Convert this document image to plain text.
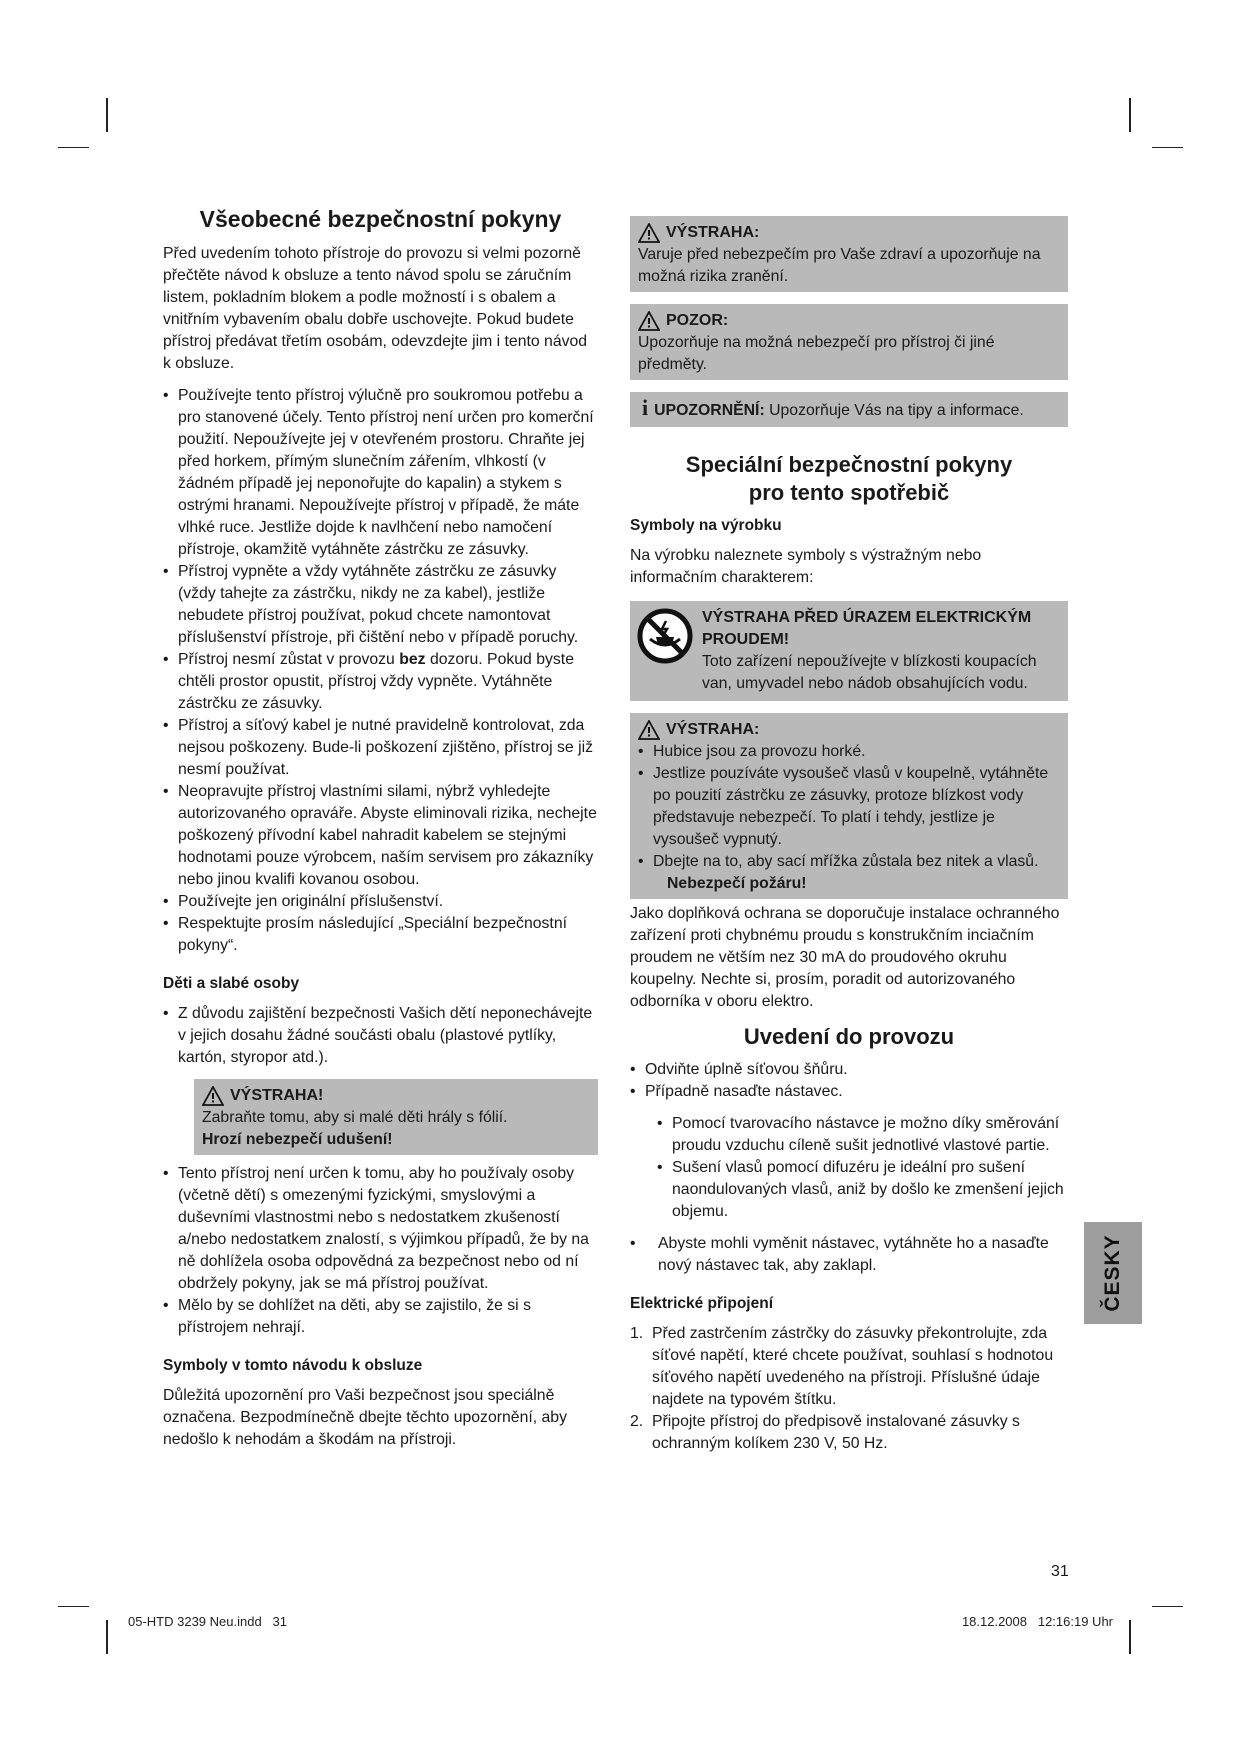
Všeobecné bezpečnostní pokyny

Před uvedením tohoto přístroje do provozu si velmi pozorně přečtěte návod k obsluze a tento návod spolu se záručním listem, pokladním blokem a podle možností i s obalem a vnitřním vybavením obalu dobře uschovejte. Pokud budete přístroj předávat třetím osobám, odevzdejte jim i tento návod k obsluze.

• Používejte tento přístroj výlučně pro soukromou potřebu a pro stanovené účely. Tento přístroj není určen pro komerční použití. Nepoužívejte jej v otevřeném prostoru. Chraňte jej před horkem, přímým slunečním zářením, vlhkostí (v žádném případě jej neponořujte do kapalin) a stykem s ostrými hranami. Nepoužívejte přístroj v případě, že máte vlhké ruce. Jestliže dojde k navlhčení nebo namočení přístroje, okamžitě vytáhněte zástrčku ze zásuvky.
• Přístroj vypněte a vždy vytáhněte zástrčku ze zásuvky (vždy tahejte za zástrčku, nikdy ne za kabel), jestliže nebudete přístroj používat, pokud chcete namontovat příslušenství přístroje, při čištění nebo v případě poruchy.
• Přístroj nesmí zůstat v provozu bez dozoru. Pokud byste chtěli prostor opustit, přístroj vždy vypněte. Vytáhněte zástrčku ze zásuvky.
• Přístroj a síťový kabel je nutné pravidelně kontrolovat, zda nejsou poškozeny. Bude-li poškození zjištěno, přístroj se již nesmí používat.
• Neopravujte přístroj vlastními silami, nýbrž vyhledejte autorizovaného opraváře. Abyste eliminovali rizika, nechejte poškozený přívodní kabel nahradit kabelem se stejnými hodnotami pouze výrobcem, naším servisem pro zákazníky nebo jinou kvalifi kovanou osobou.
• Používejte jen originální příslušenství.
• Respektujte prosím následující „Speciální bezpečnostní pokyny“.
Děti a slabé osoby
• Z důvodu zajištění bezpečnosti Vašich dětí neponechávejte v jejich dosahu žádné součásti obalu (plastové pytlíky, kartón, styropor atd.).
VÝSTRAHA!

Zabraňte tomu, aby si malé děti hrály s fólií.

Hrozí nebezpečí udušení!

• Tento přístroj není určen k tomu, aby ho používaly osoby (včetně dětí) s omezenými fyzickými, smyslovými a duševními vlastnostmi nebo s nedostatkem zkušeností a/nebo nedostatkem znalostí, s výjimkou případů, že by na ně dohlížela osoba odpovědná za bezpečnost nebo od ní obdržely pokyny, jak se má přístroj používat.
• Mělo by se dohlížet na děti, aby se zajistilo, že si s přístrojem nehrají.
Symboly v tomto návodu k obsluze

Důležitá upozornění pro Vaši bezpečnost jsou speciálně označena. Bezpodmínečně dbejte těchto upozornění, aby nedošlo k nehodám a škodám na přístroji.

VÝSTRAHA:

Varuje před nebezpečím pro Vaše zdraví a upozorňuje na možná rizika zranění.

POZOR:

Upozorňuje na možná nebezpečí pro přístroj či jiné předměty.

i UPOZORNĚNÍ: Upozorňuje Vás na tipy a informace.

Speciální bezpečnostní pokyny
pro tento spotřebič
Symboly na výrobku

Na výrobku naleznete symboly s výstražným nebo informačním charakterem:

VÝSTRAHA PŘED ÚRAZEM ELEKTRICKÝM PROUDEM!

Toto zařízení nepoužívejte v blízkosti koupacích van, umyvadel nebo nádob obsahujících vodu.

VÝSTRAHA:
• Hubice jsou za provozu horké.
• Jestlize pouzíváte vysoušeč vlasů v koupelně, vytáhněte po pouzití zástrčku ze zásuvky, protoze blízkost vody představuje nebezpečí. To platí i tehdy, jestlize je vysoušeč vypnutý.
• Dbejte na to, aby sací mřížka zůstala bez nitek a vlasů.

Nebezpečí požáru!

Jako doplňková ochrana se doporučuje instalace ochranného zařízení proti chybnému proudu s konstrukčním inciačním proudem ne větším nez 30 mA do proudového okruhu koupelny. Nechte si, prosím, poradit od autorizovaného odborníka v oboru elektro.

Uvedení do provozu
• Odviňte úplně síťovou šňůru.
• Případně nasaďte nástavec.
• Pomocí tvarovacího nástavce je možno díky směrování proudu vzduchu cíleně sušit jednotlivé vlastové partie.
• Sušení vlasů pomocí difuzéru je ideální pro sušení naondulovaných vlasů, aniž by došlo ke zmenšení jejich objemu.
• Abyste mohli vyměnit nástavec, vytáhněte ho a nasaďte nový nástavec tak, aby zaklapl.
Elektrické připojení
1. Před zastrčením zástrčky do zásuvky překontrolujte, zda síťové napětí, které chcete používat, souhlasí s hodnotou síťového napětí uvedeného na přístroji. Příslušné údaje najdete na typovém štítku.
2. Připojte přístroj do předpisově instalované zásuvky s ochranným kolíkem 230 V, 50 Hz.
ČESKY
31
05-HTD 3239 Neu.indd   31	18.12.2008   12:16:19 Uhr
